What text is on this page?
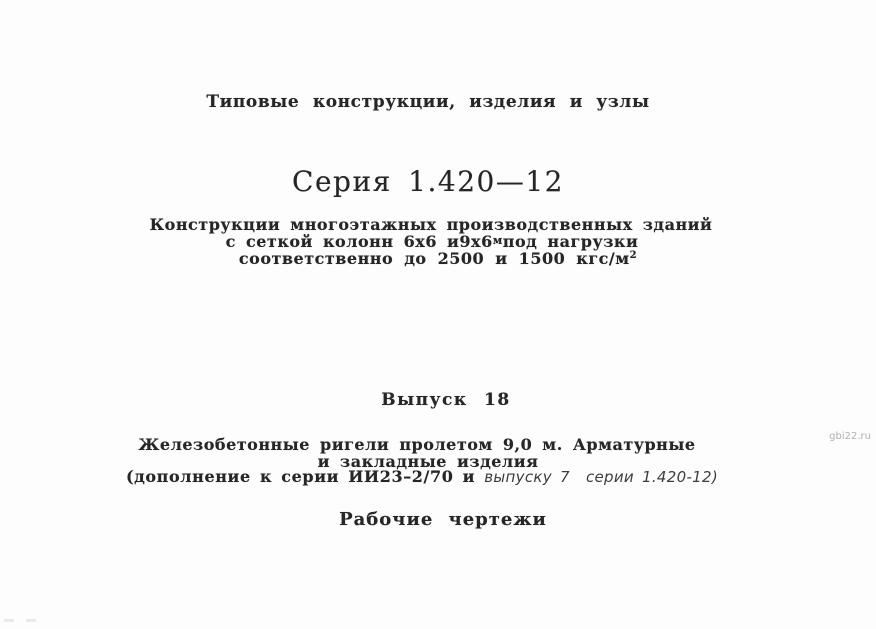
Типовые конструкции, изделия и узлы
Серия 1.420—12
Конструкции многоэтажных производственных зданий
с сеткой колонн 6х6 и9х6мпод нагрузки
соответственно до 2500 и 1500 кгс/$м^2$
Выпуск 18
Железобетонные ригели пролетом 9,0 м. Арматурные
и закладные изделия
(дополнение к серии ИИ23–2/70 и выпуску 7  серии 1.420-12)
Рабочие чертежи
gbi22.ru
